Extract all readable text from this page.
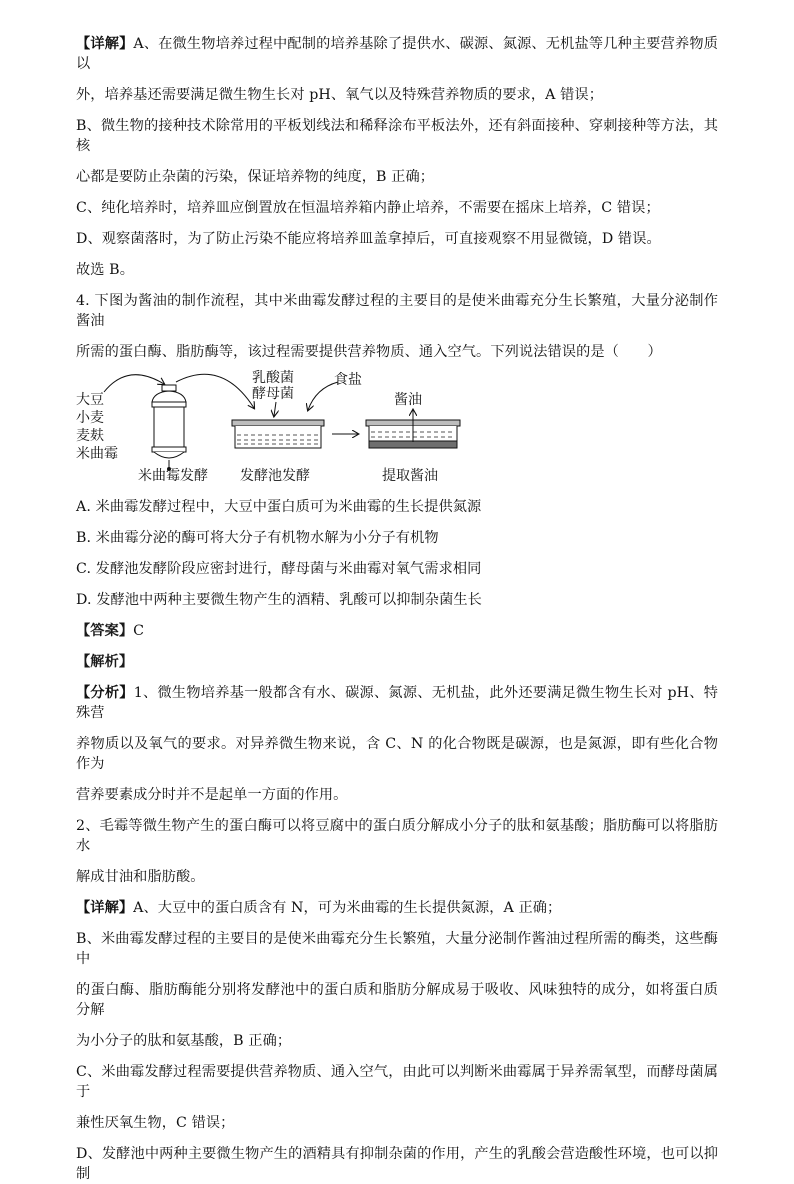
【详解】A、在微生物培养过程中配制的培养基除了提供水、碳源、氮源、无机盐等几种主要营养物质以

外，培养基还需要满足微生物生长对 pH、氧气以及特殊营养物质的要求，A 错误；

B、微生物的接种技术除常用的平板划线法和稀释涂布平板法外，还有斜面接种、穿刺接种等方法，其核

心都是要防止杂菌的污染，保证培养物的纯度，B 正确；

C、纯化培养时，培养皿应倒置放在恒温培养箱内静止培养，不需要在摇床上培养，C 错误；

D、观察菌落时，为了防止污染不能应将培养皿盖拿掉后，可直接观察不用显微镜，D 错误。

故选 B。

4. 下图为酱油的制作流程，其中米曲霉发酵过程的主要目的是使米曲霉充分生长繁殖，大量分泌制作酱油

所需的蛋白酶、脂肪酶等，该过程需要提供营养物质、通入空气。下列说法错误的是（　　）

大豆
小麦
麦麸
米曲霉
乳酸菌
酵母菌
食盐
酱油
米曲霉发酵 发酵池发酵	提取酱油

A. 米曲霉发酵过程中，大豆中蛋白质可为米曲霉的生长提供氮源

B. 米曲霉分泌的酶可将大分子有机物水解为小分子有机物

C. 发酵池发酵阶段应密封进行，酵母菌与米曲霉对氧气需求相同

D. 发酵池中两种主要微生物产生的酒精、乳酸可以抑制杂菌生长

【答案】C

【解析】

【分析】1、微生物培养基一般都含有水、碳源、氮源、无机盐，此外还要满足微生物生长对 pH、特殊营

养物质以及氧气的要求。对异养微生物来说，含 C、N 的化合物既是碳源，也是氮源，即有些化合物作为

营养要素成分时并不是起单一方面的作用。

2、毛霉等微生物产生的蛋白酶可以将豆腐中的蛋白质分解成小分子的肽和氨基酸；脂肪酶可以将脂肪水

解成甘油和脂肪酸。

【详解】A、大豆中的蛋白质含有 N，可为米曲霉的生长提供氮源，A 正确；

B、米曲霉发酵过程的主要目的是使米曲霉充分生长繁殖，大量分泌制作酱油过程所需的酶类，这些酶中

的蛋白酶、脂肪酶能分别将发酵池中的蛋白质和脂肪分解成易于吸收、风味独特的成分，如将蛋白质分解

为小分子的肽和氨基酸，B 正确；

C、米曲霉发酵过程需要提供营养物质、通入空气，由此可以判断米曲霉属于异养需氧型，而酵母菌属于

兼性厌氧生物，C 错误；

D、发酵池中两种主要微生物产生的酒精具有抑制杂菌的作用，产生的乳酸会营造酸性环境，也可以抑制
